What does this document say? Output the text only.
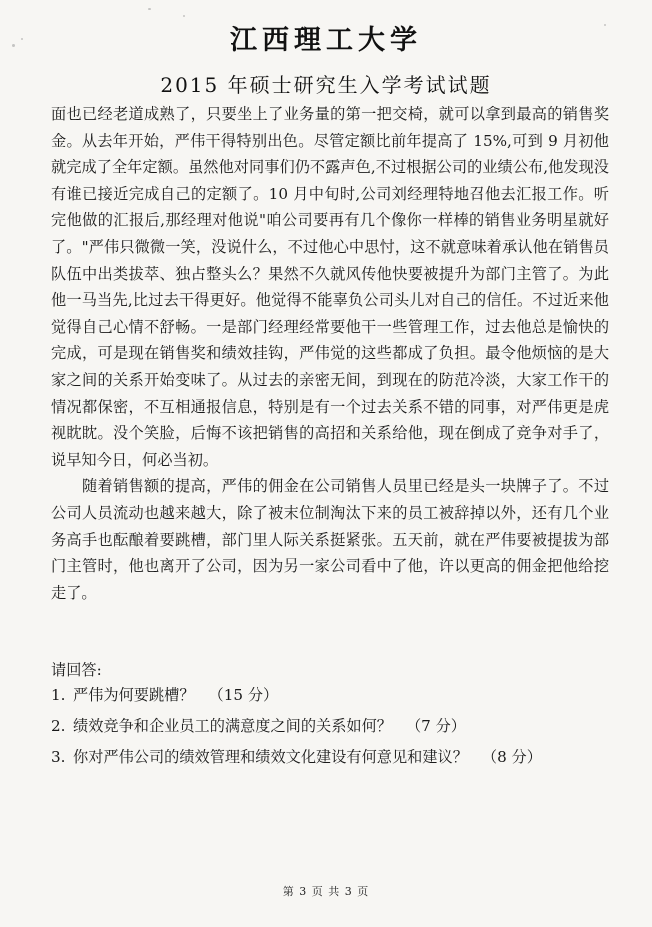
江西理工大学
2015 年硕士研究生入学考试试题

面也已经老道成熟了，只要坐上了业务量的第一把交椅，就可以拿到最高的销售奖金。从去年开始，严伟干得特别出色。尽管定额比前年提高了 15%,可到 9 月初他就完成了全年定额。虽然他对同事们仍不露声色,不过根据公司的业绩公布,他发现没有谁已接近完成自己的定额了。10 月中旬时,公司刘经理特地召他去汇报工作。听完他做的汇报后,那经理对他说"咱公司要再有几个像你一样棒的销售业务明星就好了。"严伟只微微一笑，没说什么，不过他心中思忖，这不就意味着承认他在销售员队伍中出类拔萃、独占整头么？果然不久就风传他快要被提升为部门主管了。为此他一马当先,比过去干得更好。他觉得不能辜负公司头儿对自己的信任。不过近来他觉得自己心情不舒畅。一是部门经理经常要他干一些管理工作，过去他总是愉快的完成，可是现在销售奖和绩效挂钩，严伟觉的这些都成了负担。最令他烦恼的是大家之间的关系开始变味了。从过去的亲密无间，到现在的防范冷淡，大家工作干的情况都保密，不互相通报信息，特别是有一个过去关系不错的同事，对严伟更是虎视眈眈。没个笑脸，后悔不该把销售的高招和关系给他，现在倒成了竞争对手了，说早知今日，何必当初。

随着销售额的提高，严伟的佣金在公司销售人员里已经是头一块牌子了。不过公司人员流动也越来越大，除了被末位制淘汰下来的员工被辞掉以外，还有几个业务高手也酝酿着要跳槽，部门里人际关系挺紧张。五天前，就在严伟要被提拔为部门主管时，他也离开了公司，因为另一家公司看中了他，许以更高的佣金把他给挖走了。

请回答:
1. 严伟为何要跳槽？ （15 分）
2. 绩效竞争和企业员工的满意度之间的关系如何？ （7 分）
3. 你对严伟公司的绩效管理和绩效文化建设有何意见和建议？ （8 分）
第 3 页 共 3 页
